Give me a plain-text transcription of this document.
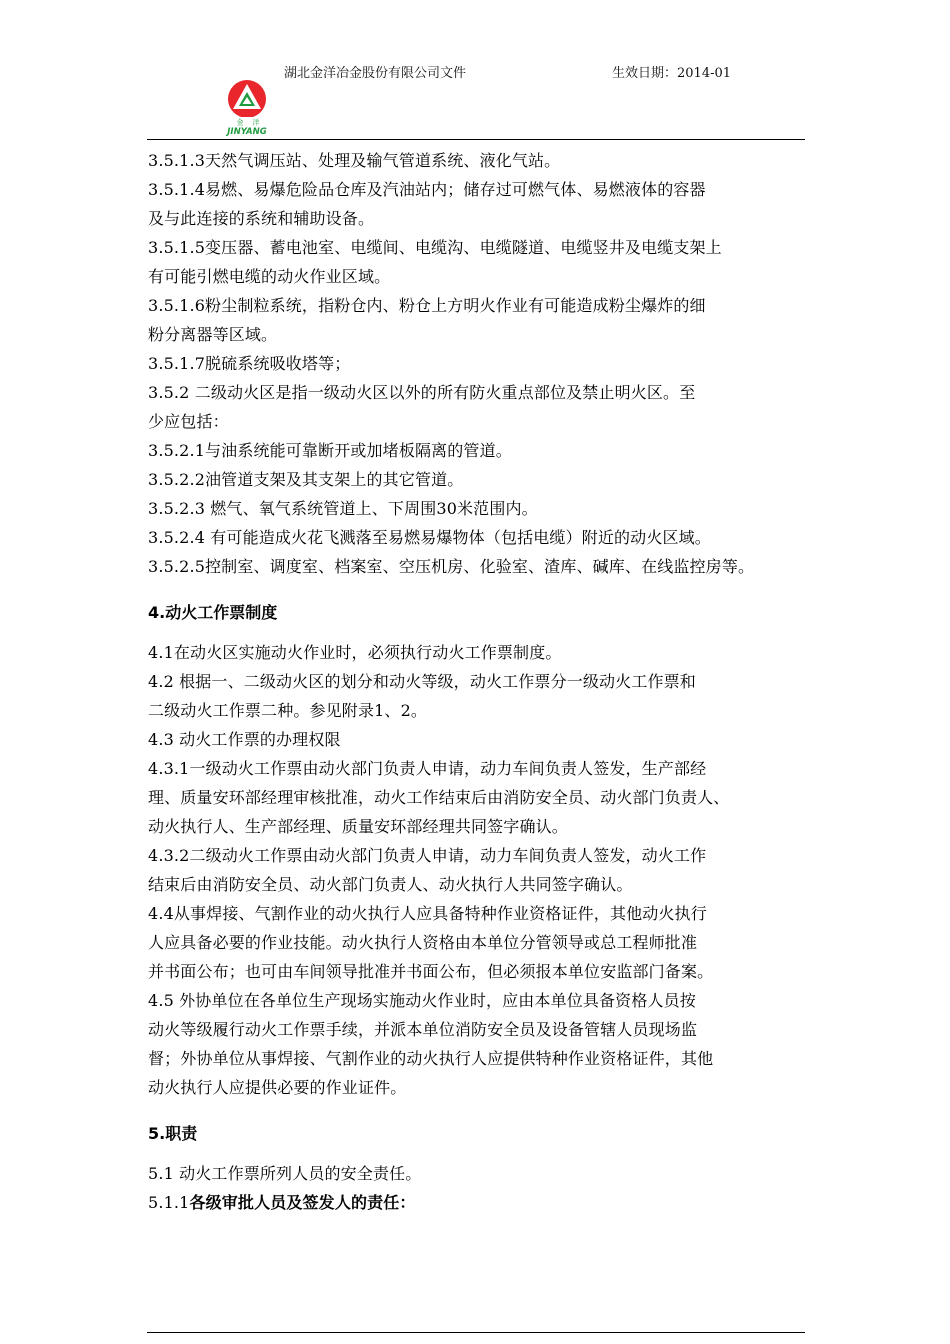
湖北金洋冶金股份有限公司文件	生效日期：2014-01
金 洋
JINYANG

3.5.1.3天然气调压站、处理及输气管道系统、液化气站。

3.5.1.4易燃、易爆危险品仓库及汽油站内；储存过可燃气体、易燃液体的容器

及与此连接的系统和辅助设备。

3.5.1.5变压器、蓄电池室、电缆间、电缆沟、电缆隧道、电缆竖井及电缆支架上

有可能引燃电缆的动火作业区域。

3.5.1.6粉尘制粒系统，指粉仓内、粉仓上方明火作业有可能造成粉尘爆炸的细

粉分离器等区域。

3.5.1.7脱硫系统吸收塔等；

3.5.2 二级动火区是指一级动火区以外的所有防火重点部位及禁止明火区。至

少应包括：

3.5.2.1与油系统能可靠断开或加堵板隔离的管道。

3.5.2.2油管道支架及其支架上的其它管道。

3.5.2.3 燃气、氧气系统管道上、下周围30米范围内。

3.5.2.4 有可能造成火花飞溅落至易燃易爆物体（包括电缆）附近的动火区域。

3.5.2.5控制室、调度室、档案室、空压机房、化验室、渣库、碱库、在线监控房等。

4.动火工作票制度

4.1在动火区实施动火作业时，必须执行动火工作票制度。

4.2 根据一、二级动火区的划分和动火等级，动火工作票分一级动火工作票和

二级动火工作票二种。参见附录1、2。

4.3 动火工作票的办理权限

4.3.1一级动火工作票由动火部门负责人申请，动力车间负责人签发，生产部经

理、质量安环部经理审核批准，动火工作结束后由消防安全员、动火部门负责人、

动火执行人、生产部经理、质量安环部经理共同签字确认。

4.3.2二级动火工作票由动火部门负责人申请，动力车间负责人签发，动火工作

结束后由消防安全员、动火部门负责人、动火执行人共同签字确认。

4.4从事焊接、气割作业的动火执行人应具备特种作业资格证件，其他动火执行

人应具备必要的作业技能。动火执行人资格由本单位分管领导或总工程师批准

并书面公布；也可由车间领导批准并书面公布，但必须报本单位安监部门备案。

4.5 外协单位在各单位生产现场实施动火作业时，应由本单位具备资格人员按

动火等级履行动火工作票手续，并派本单位消防安全员及设备管辖人员现场监

督；外协单位从事焊接、气割作业的动火执行人应提供特种作业资格证件，其他

动火执行人应提供必要的作业证件。

5.职责

5.1 动火工作票所列人员的安全责任。

5.1.1各级审批人员及签发人的责任：
